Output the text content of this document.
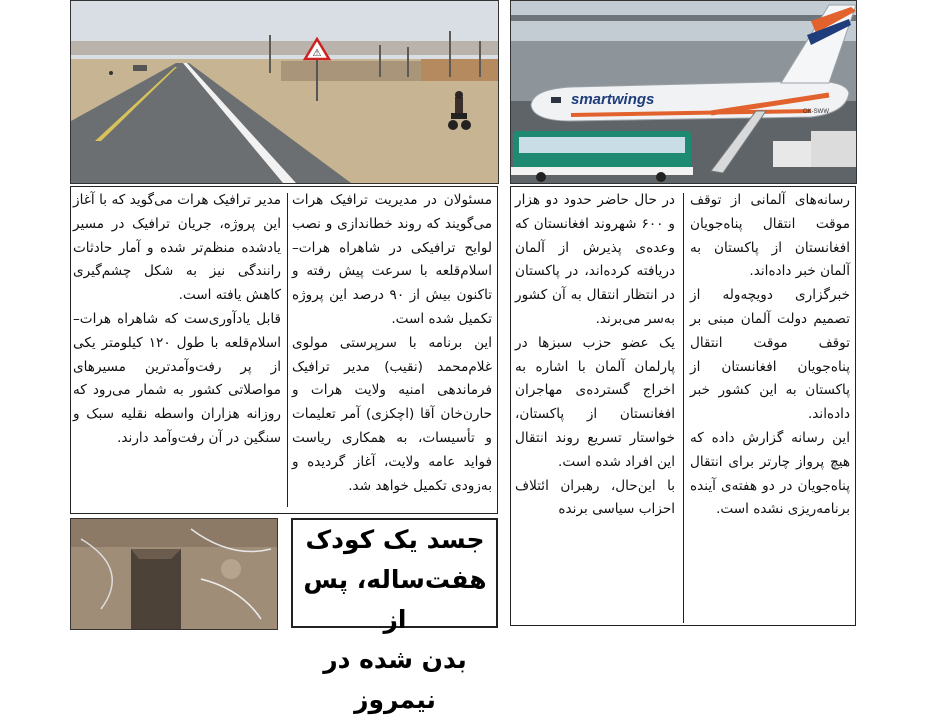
⚠
smartwings
OK-SWW

مسئولان در مدیریت ترافیک هرات می‌گویند که روند خطاندازی و نصب لوایح ترافیکی در شاهراه هرات–اسلام‌قلعه با سرعت پیش رفته و تاکنون بیش از ۹۰ درصد این پروژه تکمیل شده است.

این برنامه با سرپرستی مولوی غلام‌محمد (نقیب) مدیر ترافیک فرماندهی امنیه ولایت هرات و حارن‌خان آقا (اچکزی) آمر تعلیمات و تأسیسات، به همکاری ریاست فواید عامه ولایت، آغاز گردیده و به‌زودی تکمیل خواهد شد.

مدیر ترافیک هرات می‌گوید که با آغاز این پروژه، جریان ترافیک در مسیر یادشده منظم‌تر شده و آمار حادثات رانندگی نیز به شکل چشم‌گیری کاهش یافته است.

قابل یادآوری‌ست که شاهراه هرات–اسلام‌قلعه با طول ۱۲۰ کیلومتر یکی از پر رفت‌وآمدترین مسیرهای مواصلاتی کشور به شمار می‌رود که روزانه هزاران واسطه نقلیه سبک و سنگین در آن رفت‌وآمد دارند.

رسانه‌های آلمانی از توقف موقت انتقال پناه‌جویان افغانستان از پاکستان به آلمان خبر داده‌اند.

خبرگزاری دویچه‌وله از تصمیم دولت آلمان مبنی بر توقف موقت انتقال پناه‌جویان افغانستان از پاکستان به این کشور خبر داده‌اند.

این رسانه گزارش داده که هیچ پرواز چارتر برای انتقال پناه‌جویان در دو هفته‌ی آینده برنامه‌ریزی نشده است.

در حال حاضر حدود دو هزار و ۶۰۰ شهروند افغانستان که وعده‌ی پذیرش از آلمان دریافته کرده‌اند، در پاکستان در انتظار انتقال به آن کشور به‌سر می‌برند.

یک عضو حزب سبزها در پارلمان آلمان با اشاره به اخراج گسترده‌ی مهاجران افغانستان از پاکستان، خواستار تسریع روند انتقال این افراد شده است.

با این‌حال، رهبران ائتلاف احزاب سیاسی برنده

جسد یک کودک
هفت‌ساله، پس از
بدن شده در نیمروز
